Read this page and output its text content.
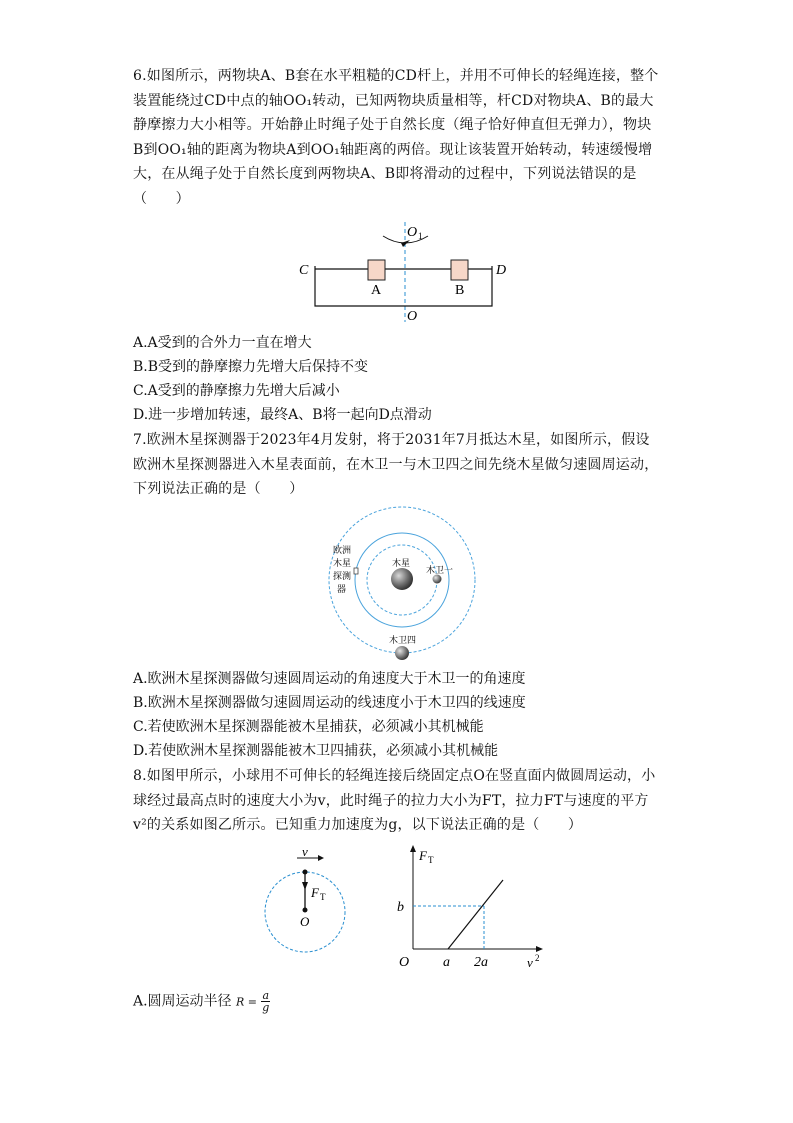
6.如图所示，两物块A、B套在水平粗糙的CD杆上，并用不可伸长的轻绳连接，整个装置能绕过CD中点的轴OO₁转动，已知两物块质量相等，杆CD对物块A、B的最大静摩擦力大小相等。开始静止时绳子处于自然长度（绳子恰好伸直但无弹力），物块B到OO₁轴的距离为物块A到OO₁轴距离的两倍。现让该装置开始转动，转速缓慢增大，在从绳子处于自然长度到两物块A、B即将滑动的过程中，下列说法错误的是（　　）
O 1
C	D
A	B
O
A.A受到的合外力一直在增大
B.B受到的静摩擦力先增大后保持不变
C.A受到的静摩擦力先增大后减小
D.进一步增加转速，最终A、B将一起向D点滑动
7.欧洲木星探测器于2023年4月发射，将于2031年7月抵达木星，如图所示，假设欧洲木星探测器进入木星表面前，在木卫一与木卫四之间先绕木星做匀速圆周运动，下列说法正确的是（　　）
木星
木卫一
木卫四
欧洲
木星
探测
器
A.欧洲木星探测器做匀速圆周运动的角速度大于木卫一的角速度
B.欧洲木星探测器做匀速圆周运动的线速度小于木卫四的线速度
C.若使欧洲木星探测器能被木星捕获，必须减小其机械能
D.若使欧洲木星探测器能被木卫四捕获，必须减小其机械能
8.如图甲所示，小球用不可伸长的轻绳连接后绕固定点O在竖直面内做圆周运动，小球经过最高点时的速度大小为v，此时绳子的拉力大小为FT，拉力FT与速度的平方v²的关系如图乙所示。已知重力加速度为g，以下说法正确的是（　　）
v
F T
O
F T
b
O a 2a	v 2
A.圆周运动半径 $R = \frac{a}{g}$
